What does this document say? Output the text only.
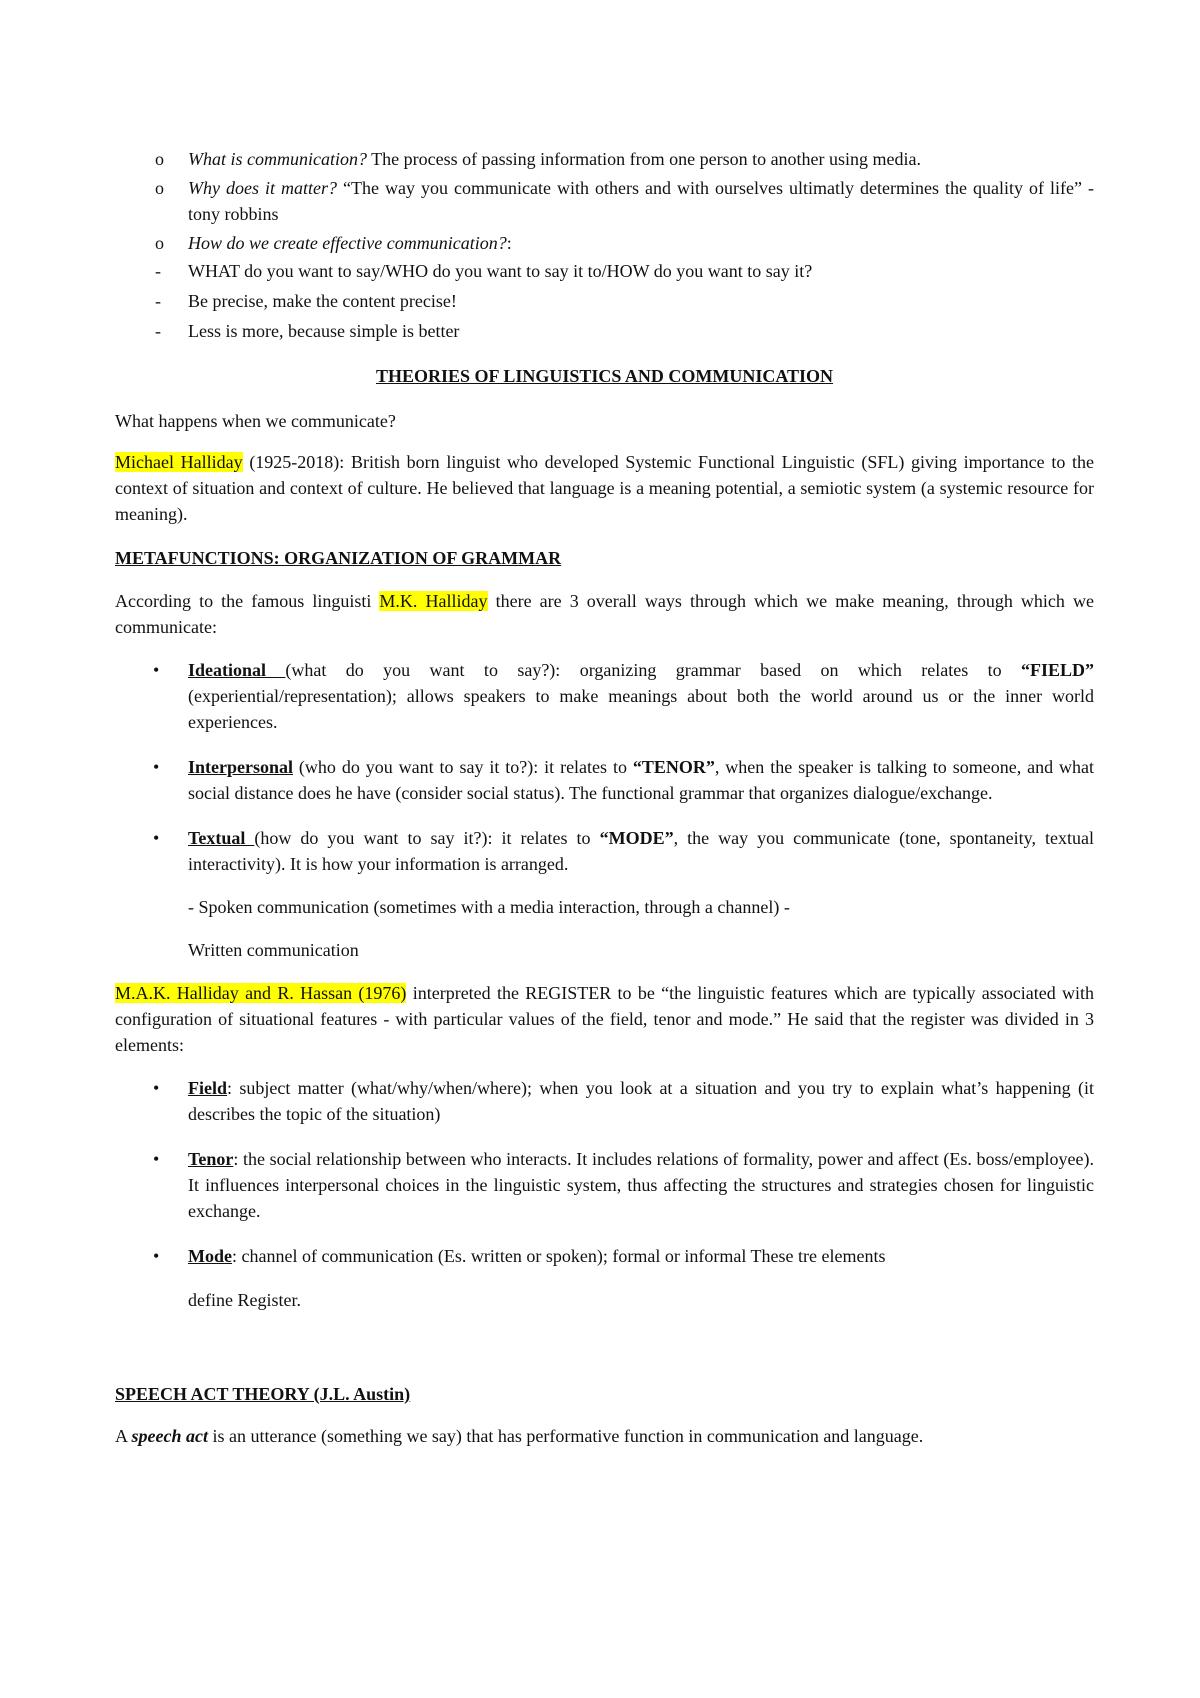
o What is communication? The process of passing information from one person to another using media.
o Why does it matter? “The way you communicate with others and with ourselves ultimatly determines the quality of life” - tony robbins
o How do we create effective communication?:
- WHAT do you want to say/WHO do you want to say it to/HOW do you want to say it?
- Be precise, make the content precise!
- Less is more, because simple is better

THEORIES OF LINGUISTICS AND COMMUNICATION

What happens when we communicate?

Michael Halliday (1925-2018): British born linguist who developed Systemic Functional Linguistic (SFL) giving importance to the context of situation and context of culture. He believed that language is a meaning potential, a semiotic system (a systemic resource for meaning).

METAFUNCTIONS: ORGANIZATION OF GRAMMAR

According to the famous linguisti M.K. Halliday there are 3 overall ways through which we make meaning, through which we communicate:

• Ideational (what do you want to say?): organizing grammar based on which relates to “FIELD” (experiential/representation); allows speakers to make meanings about both the world around us or the inner world experiences.
• Interpersonal (who do you want to say it to?): it relates to “TENOR”, when the speaker is talking to someone, and what social distance does he have (consider social status). The functional grammar that organizes dialogue/exchange.
• Textual (how do you want to say it?): it relates to “MODE”, the way you communicate (tone, spontaneity, textual interactivity). It is how your information is arranged.

- Spoken communication (sometimes with a media interaction, through a channel) -

Written communication

M.A.K. Halliday and R. Hassan (1976) interpreted the REGISTER to be “the linguistic features which are typically associated with configuration of situational features - with particular values of the field, tenor and mode.” He said that the register was divided in 3 elements:

• Field: subject matter (what/why/when/where); when you look at a situation and you try to explain what’s happening (it describes the topic of the situation)
• Tenor: the social relationship between who interacts. It includes relations of formality, power and affect (Es. boss/employee). It influences interpersonal choices in the linguistic system, thus affecting the structures and strategies chosen for linguistic exchange.
• Mode: channel of communication (Es. written or spoken); formal or informal These tre elements

define Register.

SPEECH ACT THEORY (J.L. Austin)

A speech act is an utterance (something we say) that has performative function in communication and language.
